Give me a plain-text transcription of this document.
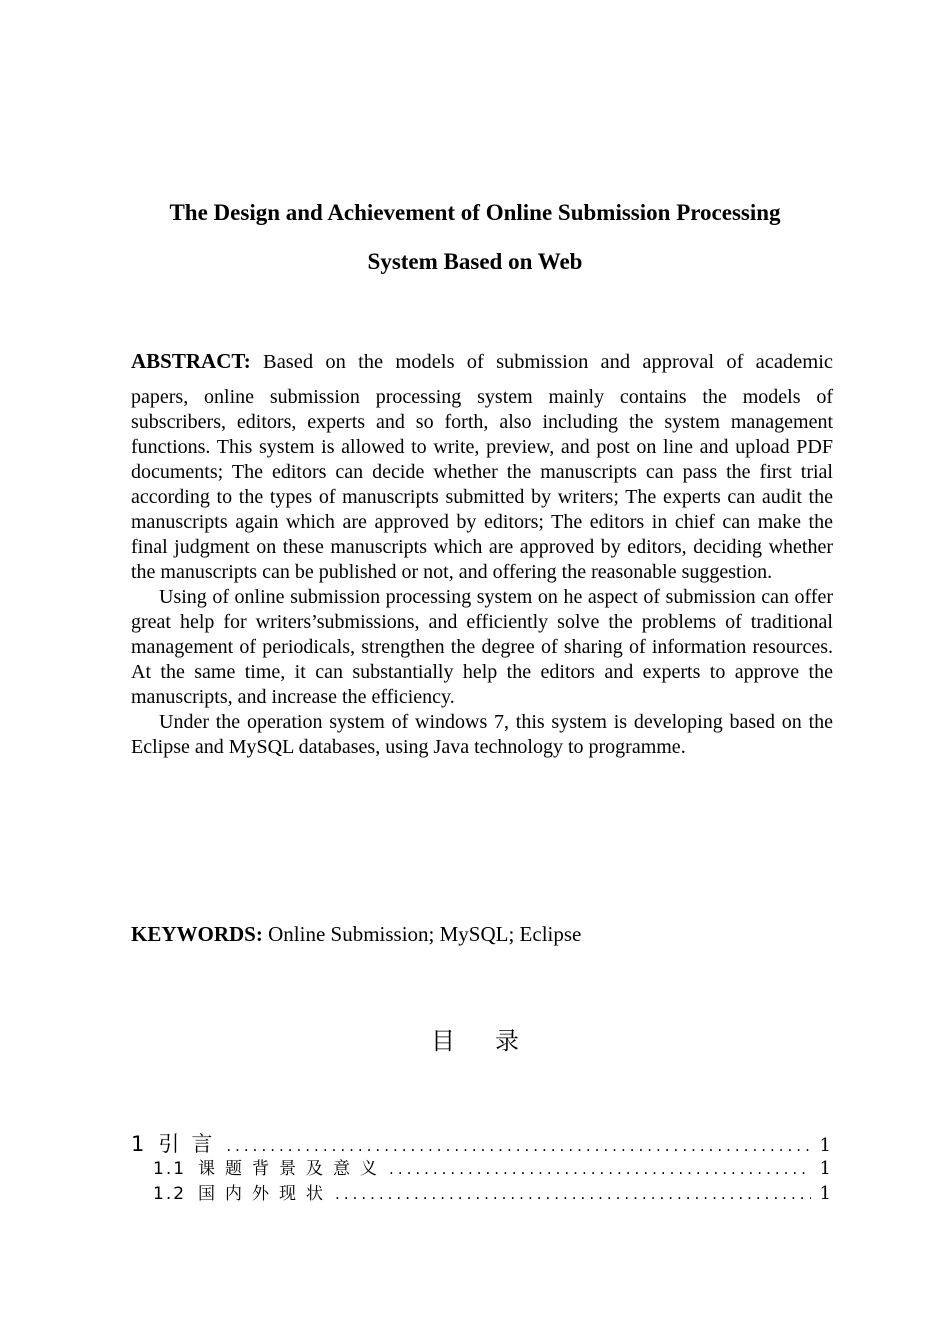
The Design and Achievement of Online Submission Processing
System Based on Web
ABSTRACT: Based on the models of submission and approval of academic

papers, online submission processing system mainly contains the models of subscribers, editors, experts and so forth, also including the system management functions. This system is allowed to write, preview, and post on line and upload PDF documents; The editors can decide whether the manuscripts can pass the first trial according to the types of manuscripts submitted by writers; The experts can audit the manuscripts again which are approved by editors; The editors in chief can make the final judgment on these manuscripts which are approved by editors, deciding whether the manuscripts can be published or not, and offering the reasonable suggestion.

Using of online submission processing system on he aspect of submission can offer great help for writers’submissions, and efficiently solve the problems of traditional management of periodicals, strengthen the degree of sharing of information resources. At the same time, it can substantially help the editors and experts to approve the manuscripts, and increase the efficiency.

Under the operation system of windows 7, this system is developing based on the Eclipse and MySQL databases, using Java technology to programme.

KEYWORDS: Online Submission; MySQL; Eclipse
目录
1 引言 .....	1
1.1 课题背景及意义 .....	1
1.2 国内外现状 .....	1
